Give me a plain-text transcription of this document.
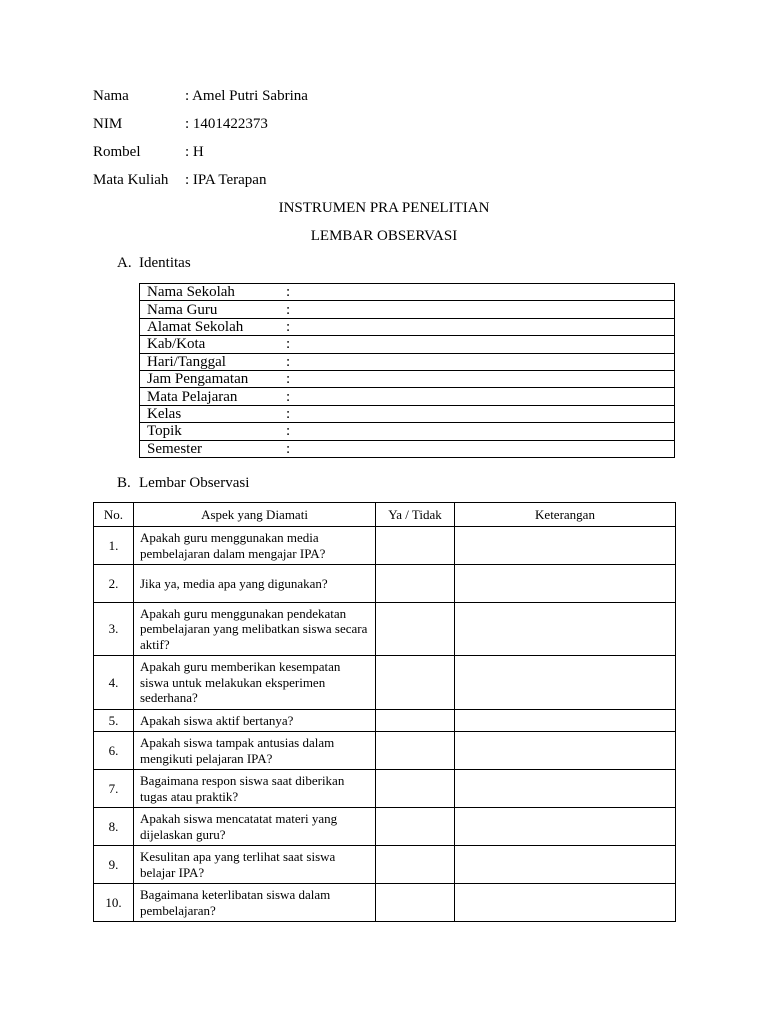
Nama	: Amel Putri Sabrina
NIM	: 1401422373
Rombel	: H
Mata Kuliah : IPA Terapan
INSTRUMEN PRA PENELITIAN
LEMBAR OBSERVASI
A. Identitas
Nama Sekolah	:
Nama Guru	:
Alamat Sekolah	:
Kab/Kota	:
Hari/Tanggal	:
Jam Pengamatan	:
Mata Pelajaran	:
Kelas	:
Topik	:
Semester	:
B. Lembar Observasi
No.	Aspek yang Diamati	Ya / Tidak	Keterangan
1.	Apakah guru menggunakan media pembelajaran dalam mengajar IPA?		
2.	Jika ya, media apa yang digunakan?		
3.	Apakah guru menggunakan pendekatan pembelajaran yang melibatkan siswa secara aktif?		
4.	Apakah guru memberikan kesempatan siswa untuk melakukan eksperimen sederhana?		
5.	Apakah siswa aktif bertanya?		
6.	Apakah siswa tampak antusias dalam mengikuti pelajaran IPA?		
7.	Bagaimana respon siswa saat diberikan tugas atau praktik?		
8.	Apakah siswa mencatatat materi yang dijelaskan guru?		
9.	Kesulitan apa yang terlihat saat siswa belajar IPA?		
10.	Bagaimana keterlibatan siswa dalam pembelajaran?		
